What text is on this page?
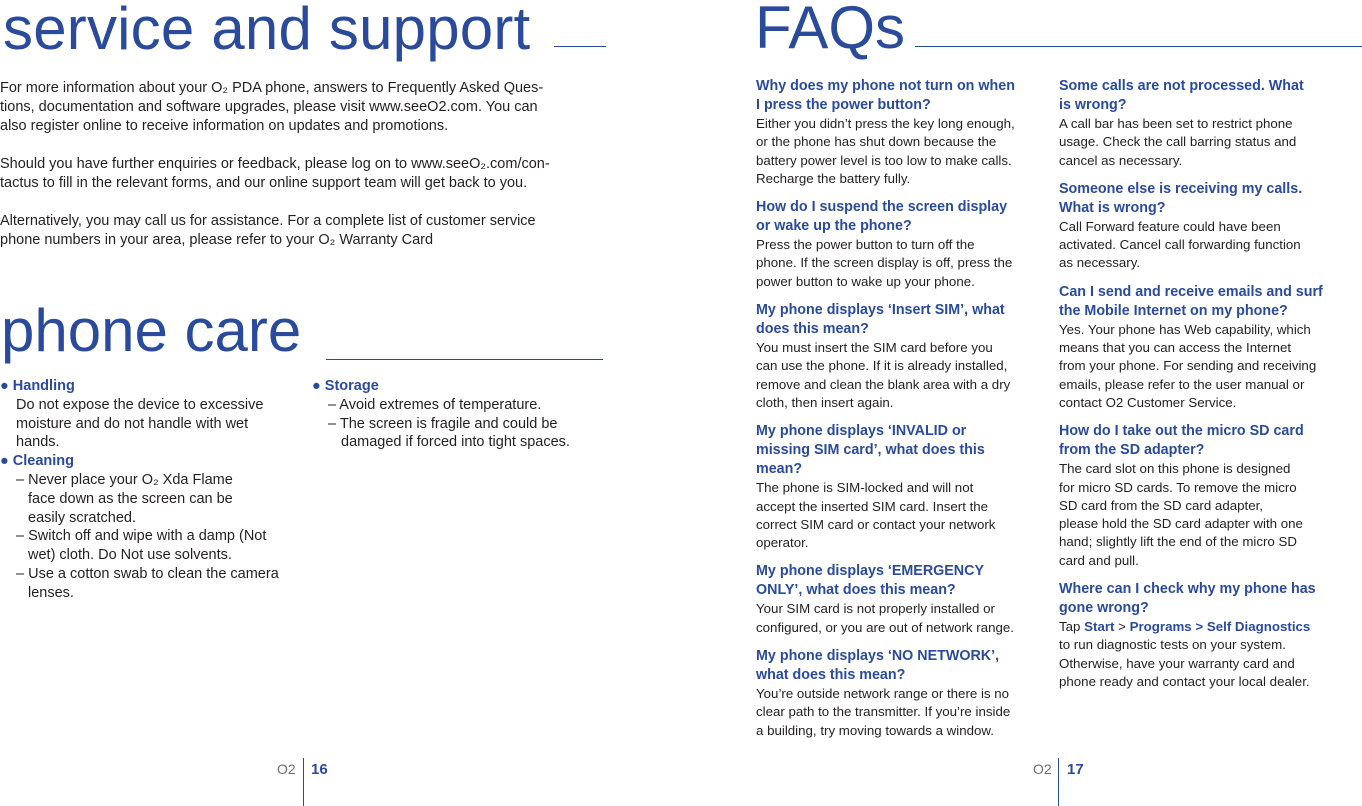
service and support
For more information about your O₂ PDA phone, answers to Frequently Asked Ques-
tions, documentation and software upgrades, please visit www.seeO2.com. You can
also register online to receive information on updates and promotions.
Should you have further enquiries or feedback, please log on to www.seeO₂.com/con-
tactus to fill in the relevant forms, and our online support team will get back to you.
Alternatively, you may call us for assistance. For a complete list of customer service
phone numbers in your area, please refer to your O₂ Warranty Card
phone care
● Handling
Do not expose the device to excessive
moisture and do not handle with wet
hands.
● Cleaning
– Never place your O₂ Xda Flame
face down as the screen can be
easily scratched.
– Switch off and wipe with a damp (Not
wet) cloth. Do Not use solvents.
– Use a cotton swab to clean the camera
lenses.
● Storage
– Avoid extremes of temperature.
– The screen is fragile and could be
damaged if forced into tight spaces.
O2 16
FAQs
Why does my phone not turn on when
I press the power button?
Either you didn’t press the key long enough,
or the phone has shut down because the
battery power level is too low to make calls.
Recharge the battery fully.
How do I suspend the screen display
or wake up the phone?
Press the power button to turn off the
phone. If the screen display is off, press the
power button to wake up your phone.
My phone displays ‘Insert SIM’, what
does this mean?
You must insert the SIM card before you
can use the phone. If it is already installed,
remove and clean the blank area with a dry
cloth, then insert again.
My phone displays ‘INVALID or
missing SIM card’, what does this
mean?
The phone is SIM-locked and will not
accept the inserted SIM card. Insert the
correct SIM card or contact your network
operator.
My phone displays ‘EMERGENCY
ONLY’, what does this mean?
Your SIM card is not properly installed or
configured, or you are out of network range.
My phone displays ‘NO NETWORK’,
what does this mean?
You’re outside network range or there is no
clear path to the transmitter. If you’re inside
a building, try moving towards a window.
Some calls are not processed. What
is wrong?
A call bar has been set to restrict phone
usage. Check the call barring status and
cancel as necessary.
Someone else is receiving my calls.
What is wrong?
Call Forward feature could have been
activated. Cancel call forwarding function
as necessary.
Can I send and receive emails and surf
the Mobile Internet on my phone?
Yes. Your phone has Web capability, which
means that you can access the Internet
from your phone. For sending and receiving
emails, please refer to the user manual or
contact O2 Customer Service.
How do I take out the micro SD card
from the SD adapter?
The card slot on this phone is designed
for micro SD cards. To remove the micro
SD card from the SD card adapter,
please hold the SD card adapter with one
hand; slightly lift the end of the micro SD
card and pull.
Where can I check why my phone has
gone wrong?
Tap Start > Programs > Self Diagnostics
to run diagnostic tests on your system.
Otherwise, have your warranty card and
phone ready and contact your local dealer.
O2 17
